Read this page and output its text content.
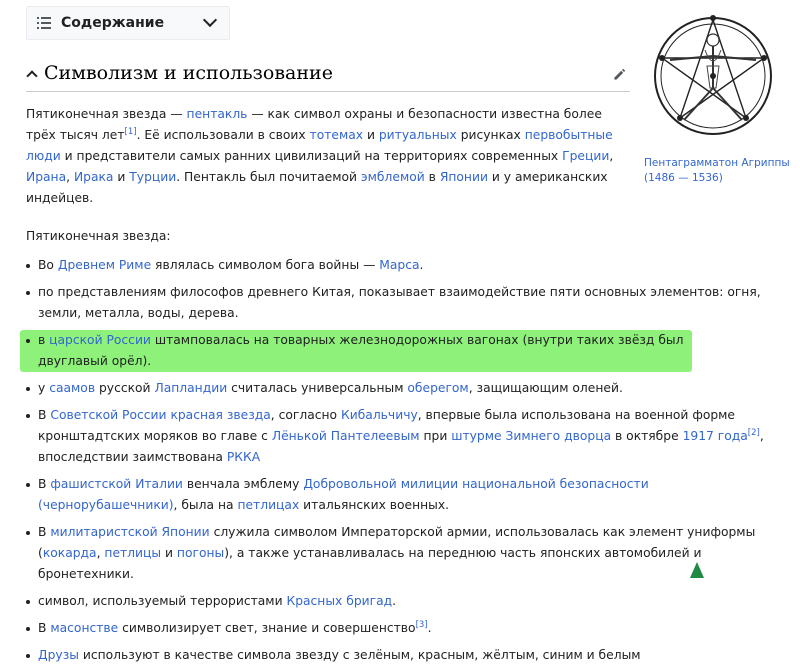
Содержание
Символизм и использование

Пятиконечная звезда — пентакль — как символ охраны и безопасности известна более трёх тысяч лет[1]. Её использовали в своих тотемах и ритуальных рисунках первобытные люди и представители самых ранних цивилизаций на территориях современных Греции, Ирана, Ирака и Турции. Пентакль был почитаемой эмблемой в Японии и у американских индейцев.

Пятиконечная звезда:

Во Древнем Риме являлась символом бога войны — Марса.
по представлениям философов древнего Китая, показывает взаимодействие пяти основных элементов: огня, земли, металла, воды, дерева.
в царской России штамповалась на товарных железнодорожных вагонах (внутри таких звёзд был двуглавый орёл).
у саамов русской Лапландии считалась универсальным оберегом, защищающим оленей.
В Советской России красная звезда, согласно Кибальчичу, впервые была использована на военной форме кронштадтских моряков во главе с Лёнькой Пантелеевым при штурме Зимнего дворца в октябре 1917 года[2], впоследствии заимствована РККА
В фашистской Италии венчала эмблему Добровольной милиции национальной безопасности (чернорубашечники), была на петлицах итальянских военных.
В милитаристской Японии служила символом Императорской армии, использовалась как элемент униформы (кокарда, петлицы и погоны), а также устанавливалась на переднюю часть японских автомобилей и бронетехники.
символ, используемый террористами Красных бригад.
В масонстве символизирует свет, знание и совершенство[3].
Друзы используют в качестве символа звезду с зелёным, красным, жёлтым, синим и белым
Пентаграмматон Агриппы (1486 — 1536)
